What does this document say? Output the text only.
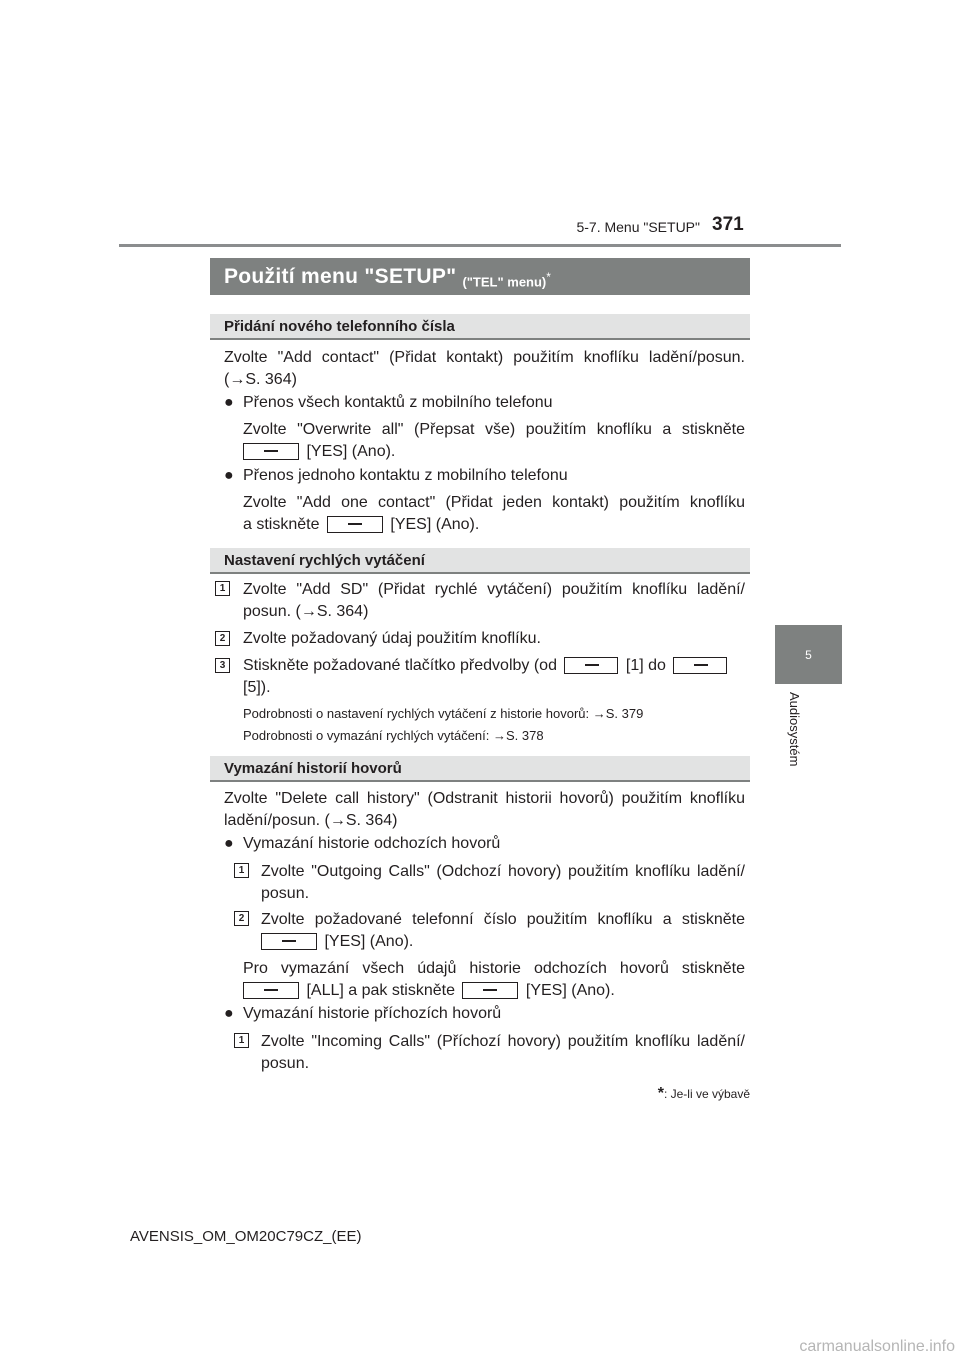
5-7. Menu "SETUP" 371
5
Audiosystém
Použití menu "SETUP" ("TEL" menu)*
Přidání nového telefonního čísla
Zvolte "Add contact" (Přidat kontakt) použitím knoflíku ladění/posun.
(→S. 364)
● Přenos všech kontaktů z mobilního telefonu
Zvolte "Overwrite all" (Přepsat vše) použitím knoflíku a stiskněte
[YES] (Ano).
● Přenos jednoho kontaktu z mobilního telefonu
Zvolte "Add one contact" (Přidat jeden kontakt) použitím knoflíku
a stiskněte	[YES] (Ano).
Nastavení rychlých vytáčení
1 Zvolte "Add SD" (Přidat rychlé vytáčení) použitím knoflíku ladění/
posun. (→S. 364)
2 Zvolte požadovaný údaj použitím knoflíku.
3 Stiskněte požadované tlačítko předvolby (od	[1] do
[5]).
Podrobnosti o nastavení rychlých vytáčení z historie hovorů: →S. 379
Podrobnosti o vymazání rychlých vytáčení: →S. 378
Vymazání historií hovorů
Zvolte "Delete call history" (Odstranit historii hovorů) použitím knoflíku
ladění/posun. (→S. 364)
● Vymazání historie odchozích hovorů
1 Zvolte "Outgoing Calls" (Odchozí hovory) použitím knoflíku ladění/
posun.
2 Zvolte požadované telefonní číslo použitím knoflíku a stiskněte
[YES] (Ano).
Pro vymazání všech údajů historie odchozích hovorů stiskněte
[ALL] a pak stiskněte	[YES] (Ano).
● Vymazání historie příchozích hovorů
1 Zvolte "Incoming Calls" (Příchozí hovory) použitím knoflíku ladění/
posun.
*: Je-li ve výbavě
AVENSIS_OM_OM20C79CZ_(EE)
carmanualsonline.info
